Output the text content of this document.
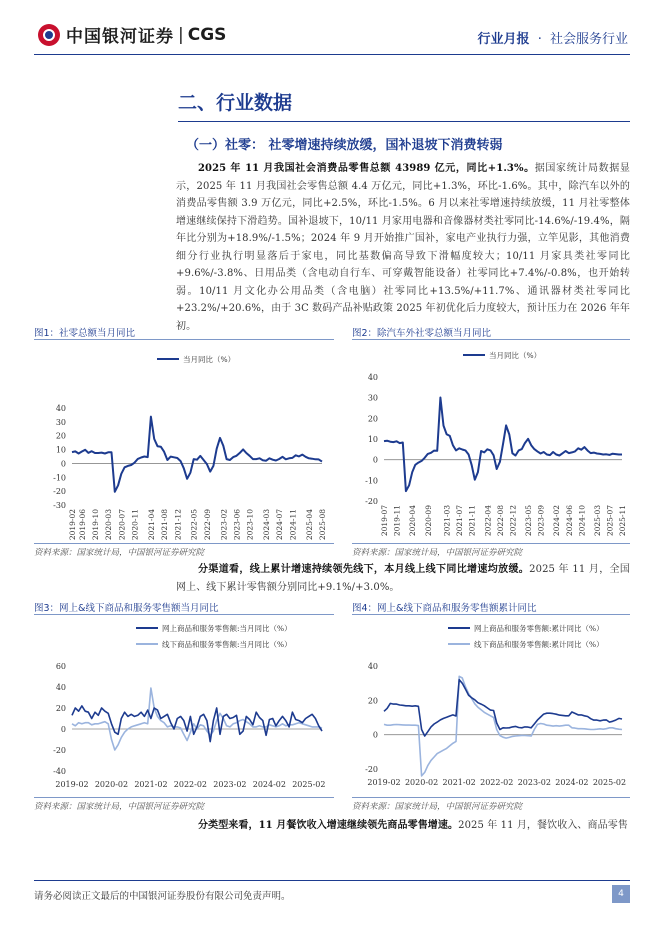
中国银河证券 | CGS	行业月报 · 社会服务行业
二、行业数据
（一）社零： 社零增速持续放缓，国补退坡下消费转弱
2025 年 11 月我国社会消费品零售总额 43989 亿元，同比+1.3%。据国家统计局数据显示，2025 年 11 月我国社会零售总额 4.4 万亿元，同比+1.3%，环比-1.6%。其中，除汽车以外的消费品零售额 3.9 万亿元，同比+2.5%，环比-1.5%。6 月以来社零增速持续放缓，11 月社零整体增速继续保持下滑趋势。国补退坡下，10/11 月家用电器和音像器材类社零同比-14.6%/-19.4%，隔年比分别为+18.9%/-1.5%；2024 年 9 月开始推广国补，家电产业执行力强，立竿见影，其他消费细分行业执行明显落后于家电，同比基数偏高导致下滑幅度较大；10/11 月家具类社零同比+9.6%/-3.8%、日用品类（含电动自行车、可穿戴智能设备）社零同比+7.4%/-0.8%，也开始转弱。10/11 月文化办公用品类（含电脑）社零同比+13.5%/+11.7%、通讯器材类社零同比+23.2%/+20.6%，由于 3C 数码产品补贴政策 2025 年初优化后力度较大，预计压力在 2026 年年初。
图1：社零总额当月同比
当月同比（%）
-30
-20
-10
0
10
20
30
40
2019-02 2019-06 2019-10 2020-03 2020-07 2020-11 2021-04 2021-08 2021-12 2022-05 2022-09 2023-02 2023-06 2023-10 2024-03 2024-07 2024-11 2025-04 2025-08
资料来源：国家统计局，中国银河证券研究院
图2：除汽车外社零总额当月同比
当月同比（%）
-20
-10
0
10
20
30
40
2019-07 2019-11 2020-04 2020-09 2021-03 2021-07 2021-11 2022-04 2022-08 2022-12 2023-05 2023-09 2024-02 2024-06 2024-10 2025-03 2025-07 2025-11
资料来源：国家统计局，中国银河证券研究院
分渠道看，线上累计增速持续领先线下，本月线上线下同比增速均放缓。2025 年 11 月，全国网上、线下累计零售额分别同比+9.1%/+3.0%。
图3：网上&线下商品和服务零售额当月同比
网上商品和服务零售额:当月同比（%）
线下商品和服务零售额:当月同比（%）
-40
-20
0
20
40
60
2019-02 2020-02 2021-02 2022-02 2023-02 2024-02 2025-02
资料来源：国家统计局，中国银河证券研究院
图4：网上&线下商品和服务零售额累计同比
网上商品和服务零售额:累计同比（%）
线下商品和服务零售额:累计同比（%）
-20
0
20
40
2019-02 2020-02 2021-02 2022-02 2023-02 2024-02 2025-02
资料来源：国家统计局，中国银河证券研究院
分类型来看，11 月餐饮收入增速继续领先商品零售增速。2025 年 11 月，餐饮收入、商品零售
请务必阅读正文最后的中国银河证券股份有限公司免责声明。	4
